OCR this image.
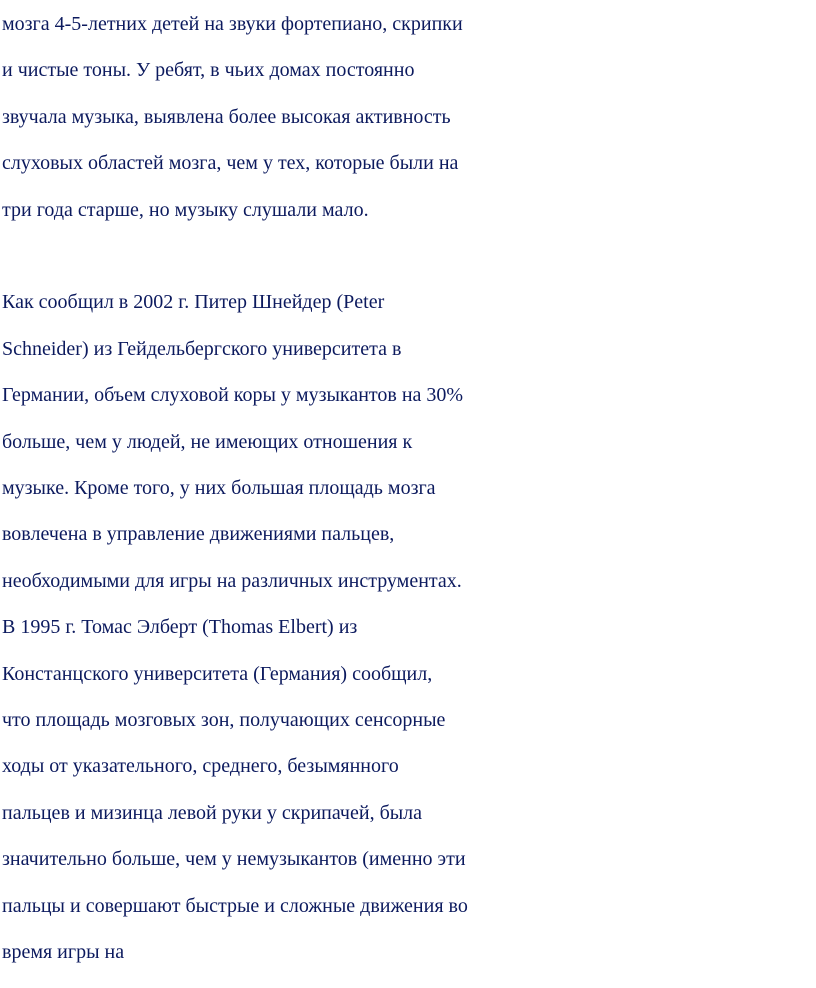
мозга 4-5-летних детей на звуки фортепиано, скрипки
и чистые тоны. У ребят, в чьих домах постоянно
звучала музыка, выявлена более высокая активность
слуховых областей мозга, чем у тех, которые были на
три года старше, но музыку слушали мало.
Как сообщил в 2002 г. Питер Шнейдер (Peter
Schneider) из Гейдельбергского университета в
Германии, объем слуховой коры у музыкантов на 30%
больше, чем у людей, не имеющих отношения к
музыке. Кроме того, у них большая площадь мозга
вовлечена в управление движениями пальцев,
необходимыми для игры на различных инструментах.
В 1995 г. Томас Элберт (Thomas Elbert) из
Констанцского университета (Германия) сообщил,
что площадь мозговых зон, получающих сенсорные
ходы от указательного, среднего, безымянного
пальцев и мизинца левой руки у скрипачей, была
значительно больше, чем у немузыкантов (именно эти
пальцы и совершают быстрые и сложные движения во
время игры на
